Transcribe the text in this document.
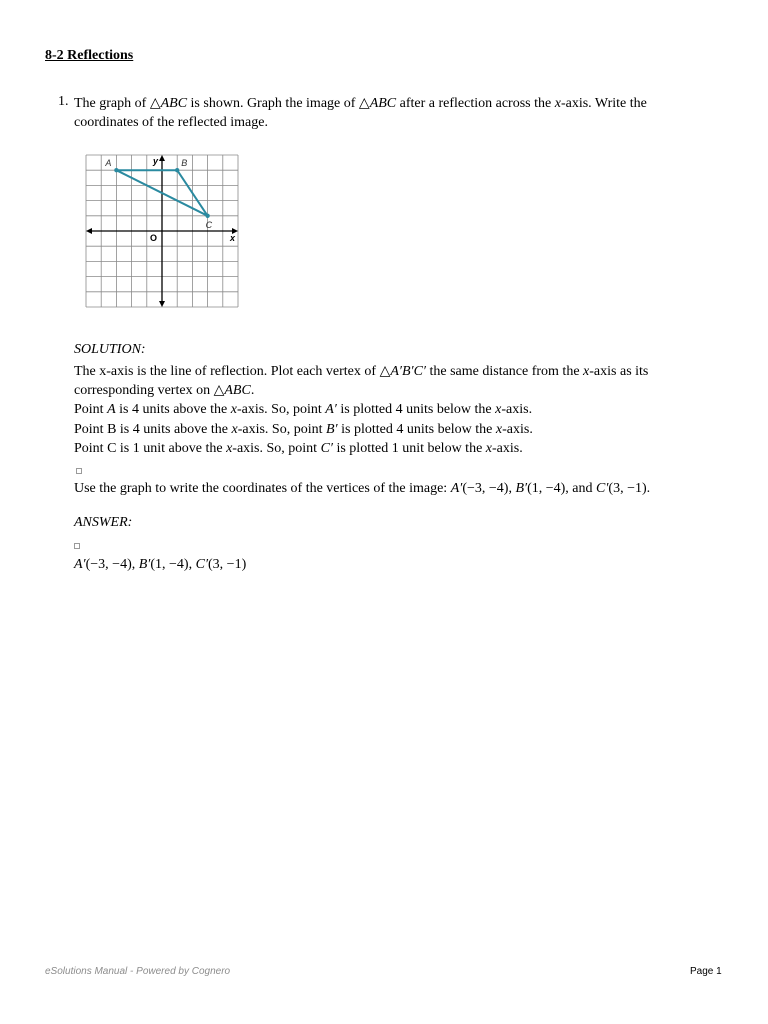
8-2 Reflections
1. The graph of △ABC is shown. Graph the image of △ABC after a reflection across the x-axis. Write the coordinates of the reflected image.
A	B
C
y
x
O
SOLUTION:
The x-axis is the line of reflection. Plot each vertex of △A′B′C′ the same distance from the x-axis as its
corresponding vertex on △ABC.
Point A is 4 units above the x-axis. So, point A′ is plotted 4 units below the x-axis.
Point B is 4 units above the x-axis. So, point B′ is plotted 4 units below the x-axis.
Point C is 1 unit above the x-axis. So, point C′ is plotted 1 unit below the x-axis.
Use the graph to write the coordinates of the vertices of the image: A′(−3, −4), B′(1, −4), and C′(3, −1).
ANSWER:
A′(−3, −4), B′(1, −4), C′(3, −1)
eSolutions Manual - Powered by Cognero	Page 1
